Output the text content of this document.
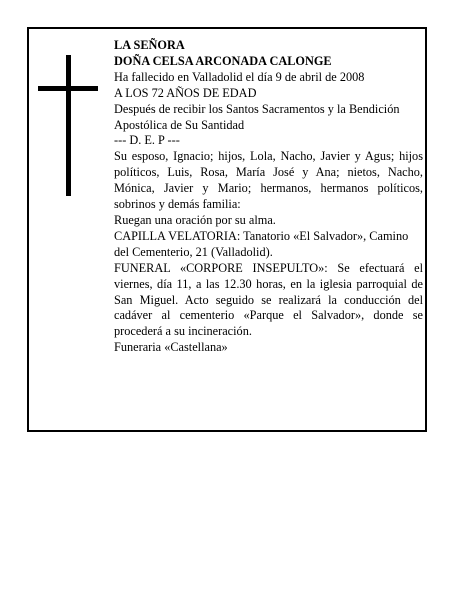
LA SEÑORA

DOÑA CELSA ARCONADA CALONGE

Ha fallecido en Valladolid el día 9 de abril de 2008

A LOS 72 AÑOS DE EDAD

Después de recibir los Santos Sacramentos y la Bendición Apostólica de Su Santidad

--- D. E. P ---

Su esposo, Ignacio; hijos, Lola, Nacho, Javier y Agus; hijos políticos, Luis, Rosa, María José y Ana; nietos, Nacho, Mónica, Javier y Mario; hermanos, hermanos políticos, sobrinos y demás familia:

Ruegan una oración por su alma.

CAPILLA VELATORIA: Tanatorio «El Salvador», Camino del Cementerio, 21 (Valladolid).

FUNERAL «CORPORE INSEPULTO»: Se efectuará el viernes, día 11, a las 12.30 horas, en la iglesia parroquial de San Miguel. Acto seguido se realizará la conducción del cadáver al cementerio «Parque el Salvador», donde se procederá a su incineración.

Funeraria «Castellana»
